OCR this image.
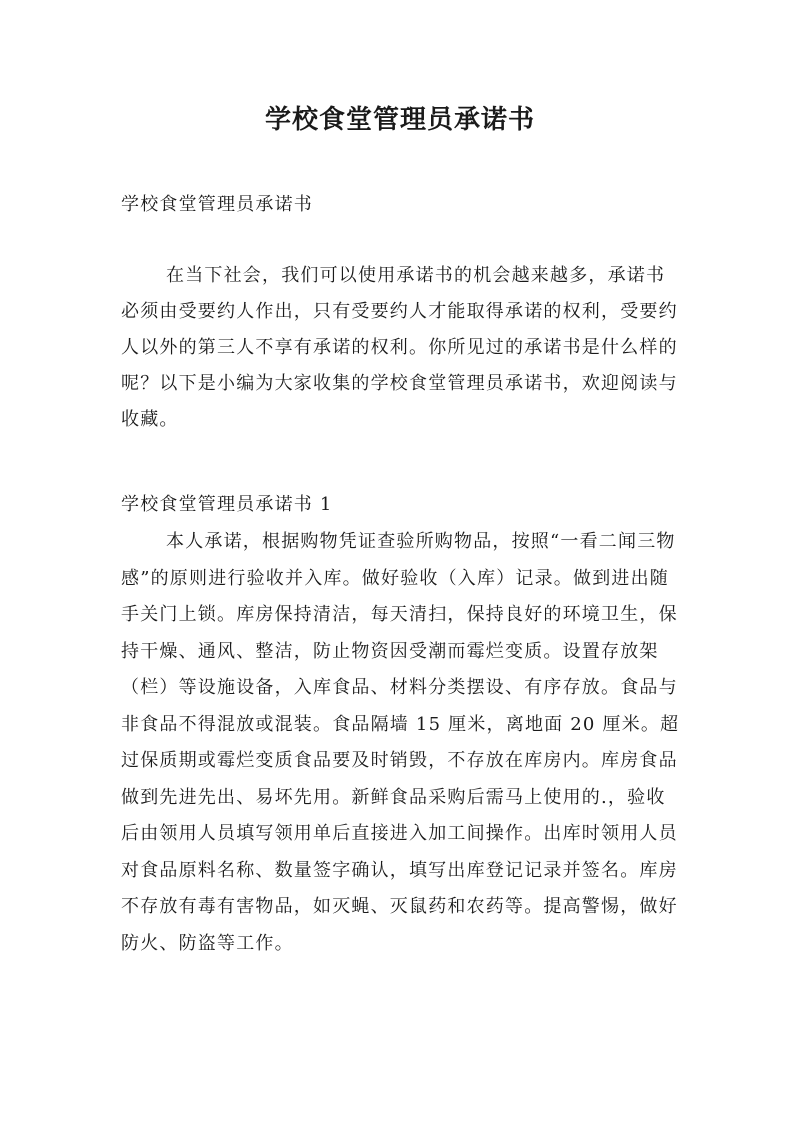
学校食堂管理员承诺书

学校食堂管理员承诺书

在当下社会，我们可以使用承诺书的机会越来越多，承诺书必须由受要约人作出，只有受要约人才能取得承诺的权利，受要约人以外的第三人不享有承诺的权利。你所见过的承诺书是什么样的呢？以下是小编为大家收集的学校食堂管理员承诺书，欢迎阅读与收藏。

学校食堂管理员承诺书 1

本人承诺，根据购物凭证查验所购物品，按照“一看二闻三物感”的原则进行验收并入库。做好验收（入库）记录。做到进出随手关门上锁。库房保持清洁，每天清扫，保持良好的环境卫生，保持干燥、通风、整洁，防止物资因受潮而霉烂变质。设置存放架（栏）等设施设备，入库食品、材料分类摆设、有序存放。食品与非食品不得混放或混装。食品隔墙 15 厘米，离地面 20 厘米。超过保质期或霉烂变质食品要及时销毁，不存放在库房内。库房食品做到先进先出、易坏先用。新鲜食品采购后需马上使用的.，验收后由领用人员填写领用单后直接进入加工间操作。出库时领用人员对食品原料名称、数量签字确认，填写出库登记记录并签名。库房不存放有毒有害物品，如灭蝇、灭鼠药和农药等。提高警惕，做好防火、防盗等工作。
